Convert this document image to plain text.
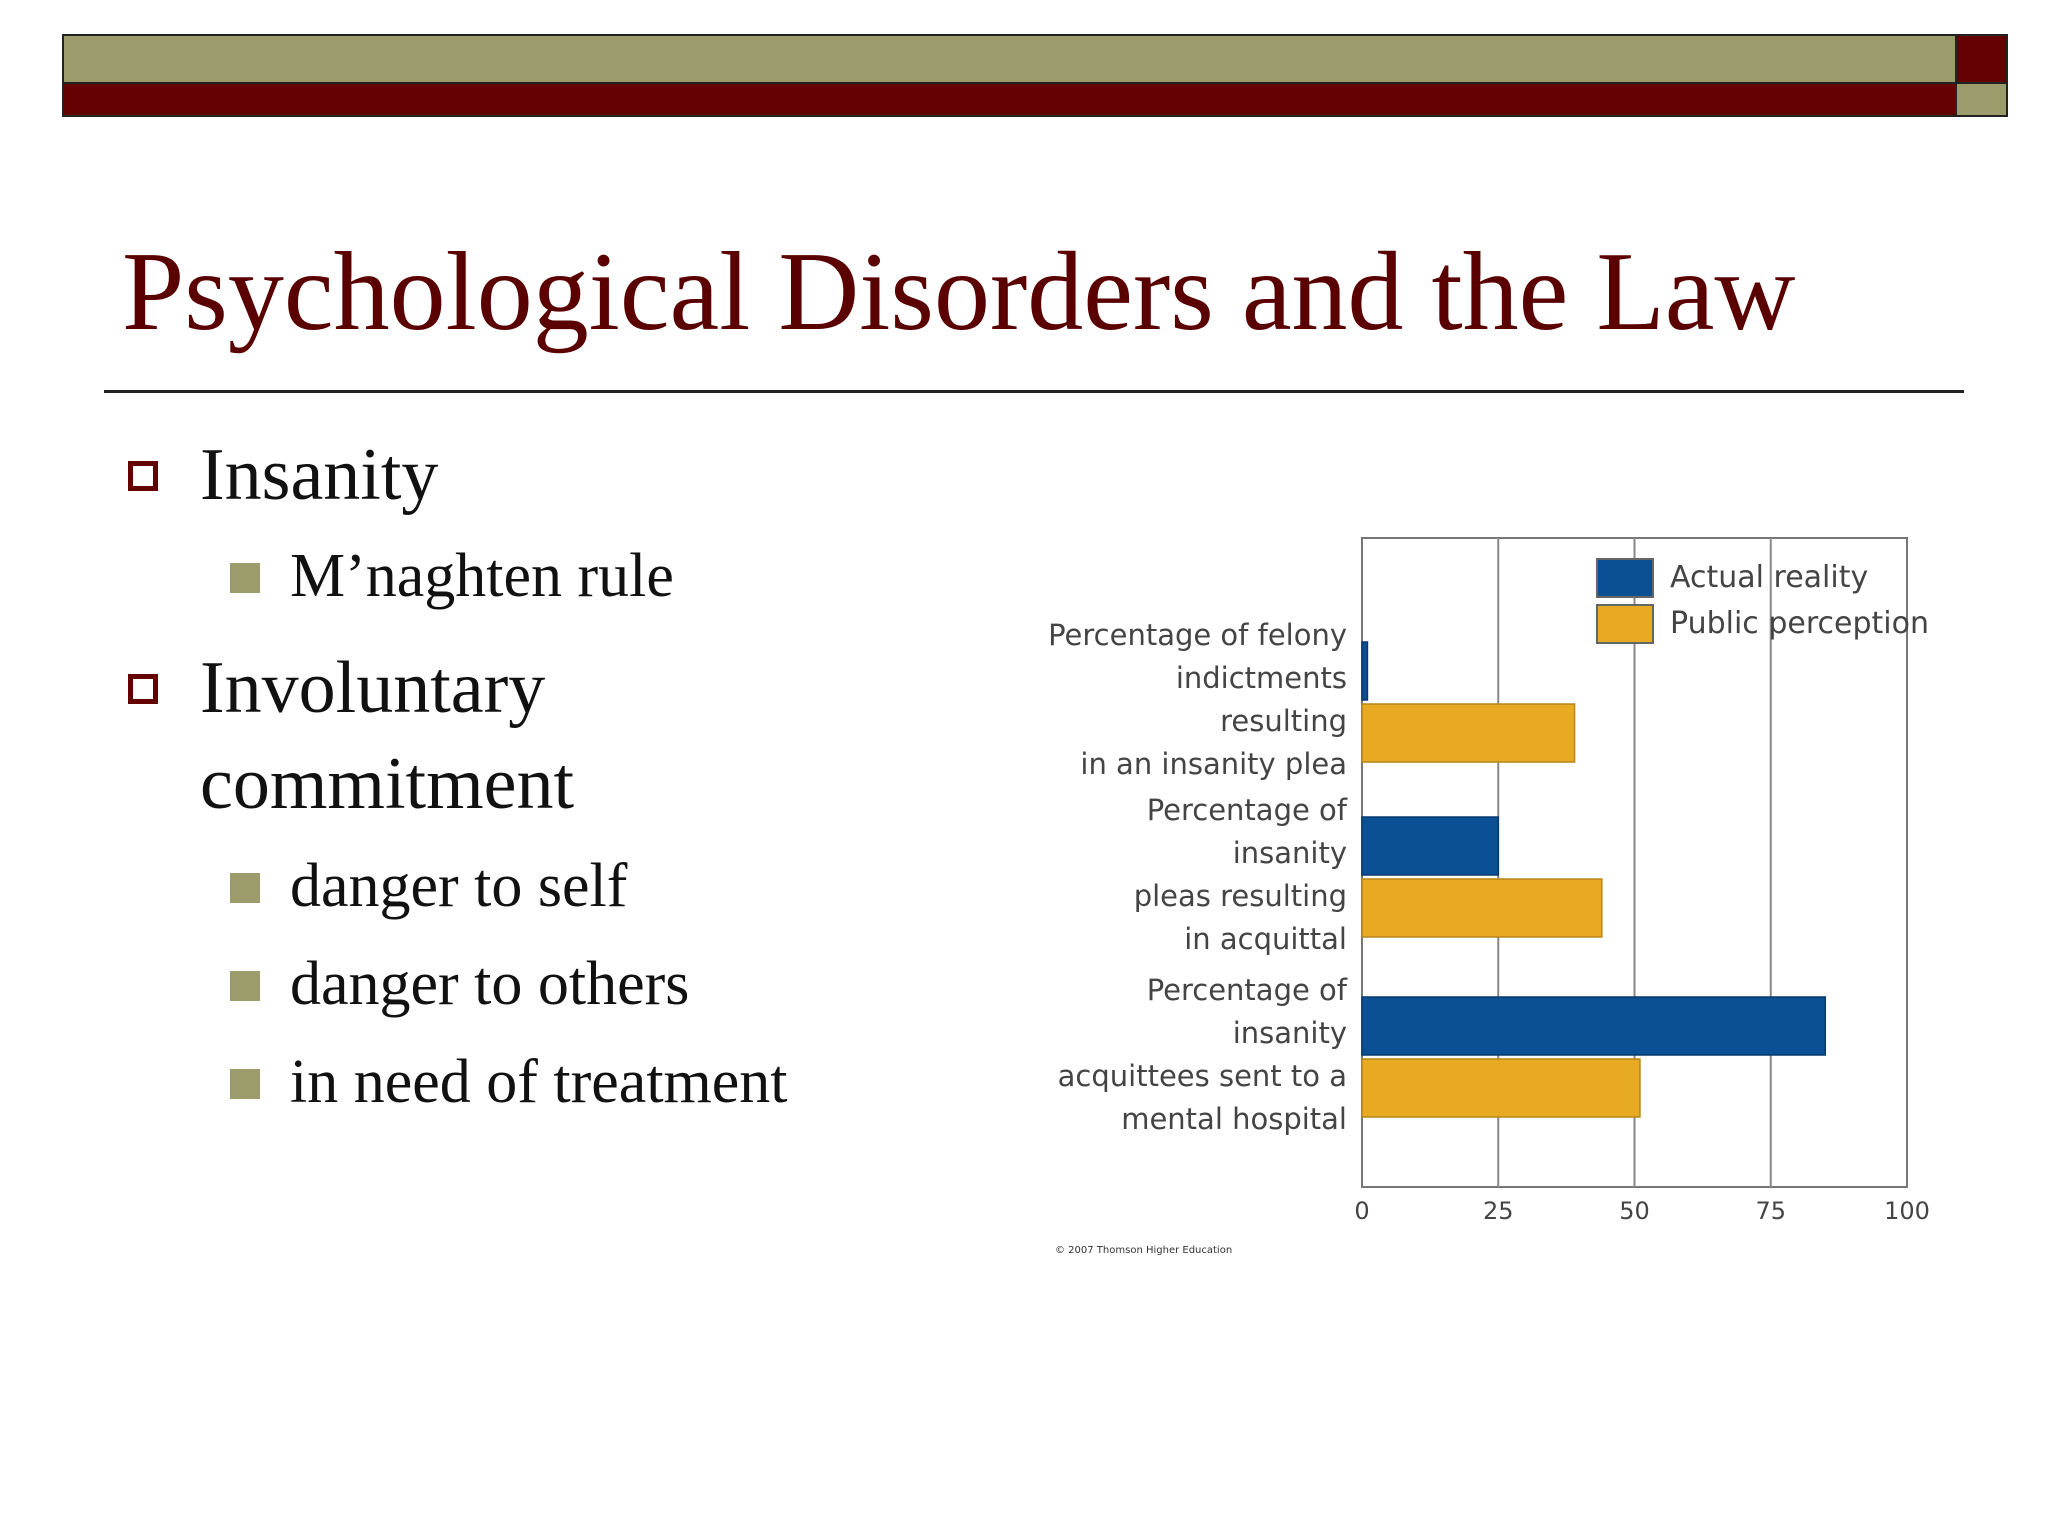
Psychological Disorders and the Law
Insanity
M’naghten rule
Involuntary
commitment
danger to self
danger to others
in need of treatment
0	25	50	75	100
Percentage of felony
indictments resulting
in an insanity plea
Percentage of insanity
pleas resulting
in acquittal
Percentage of insanity
acquittees sent to a
mental hospital
Actual reality
Public perception
© 2007 Thomson Higher Education
